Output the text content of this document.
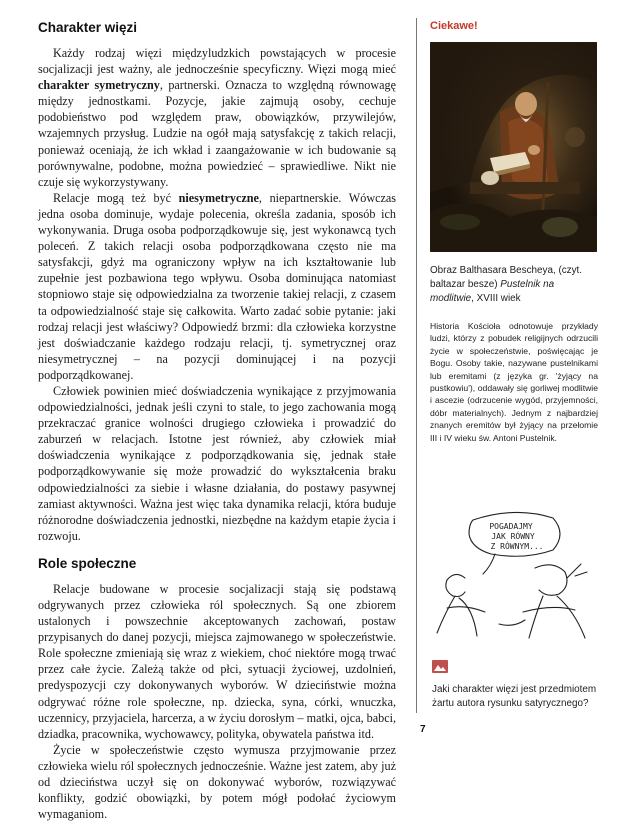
Charakter więzi

Każdy rodzaj więzi międzyludzkich powstających w procesie socjalizacji jest ważny, ale jednocześnie specyficzny. Więzi mogą mieć charakter symetryczny, partnerski. Oznacza to względną równowagę między jednostkami. Pozycje, jakie zajmują osoby, cechuje podobieństwo pod względem praw, obowiązków, przywilejów, wzajemnych przysług. Ludzie na ogół mają satysfakcję z takich relacji, ponieważ oceniają, że ich wkład i zaangażowanie w ich budowanie są porównywalne, podobne, można powiedzieć – sprawiedliwe. Nikt nie czuje się wykorzystywany.

Relacje mogą też być niesymetryczne, niepartnerskie. Wówczas jedna osoba dominuje, wydaje polecenia, określa zadania, sposób ich wykonywania. Druga osoba podporządkowuje się, jest wykonawcą tych poleceń. Z takich relacji osoba podporządkowana często nie ma satysfakcji, gdyż ma ograniczony wpływ na ich kształtowanie lub zupełnie jest pozbawiona tego wpływu. Osoba dominująca natomiast stopniowo staje się odpowiedzialna za tworzenie takiej relacji, z czasem ta odpowiedzialność staje się całkowita. Warto zadać sobie pytanie: jaki rodzaj relacji jest właściwy? Odpowiedź brzmi: dla człowieka korzystne jest doświadczanie każdego rodzaju relacji, tj. symetrycznej oraz niesymetrycznej – na pozycji dominującej i na pozycji podporządkowanej.

Człowiek powinien mieć doświadczenia wynikające z przyjmowania odpowiedzialności, jednak jeśli czyni to stale, to jego zachowania mogą przekraczać granice wolności drugiego człowieka i prowadzić do zaburzeń w relacjach. Istotne jest również, aby człowiek miał doświadczenia wynikające z podporządkowania się, jednak stałe podporządkowywanie się może prowadzić do wykształcenia braku odpowiedzialności za siebie i własne działania, do postawy pasywnej zamiast aktywności. Ważna jest więc taka dynamika relacji, która buduje różnorodne doświadczenia jednostki, niezbędne na każdym etapie życia i rozwoju.

Role społeczne

Relacje budowane w procesie socjalizacji stają się podstawą odgrywanych przez człowieka ról społecznych. Są one zbiorem ustalonych i powszechnie akceptowanych zachowań, postaw przypisanych do danej pozycji, miejsca zajmowanego w społeczeństwie. Role społeczne zmieniają się wraz z wiekiem, choć niektóre mogą trwać przez całe życie. Zależą także od płci, sytuacji życiowej, uzdolnień, predyspozycji czy dokonywanych wyborów. W dzieciństwie można odgrywać różne role społeczne, np. dziecka, syna, córki, wnuczka, uczennicy, przyjaciela, harcerza, a w życiu dorosłym – matki, ojca, babci, dziadka, pracownika, wychowawcy, polityka, obywatela państwa itd.

Życie w społeczeństwie często wymusza przyjmowanie przez człowieka wielu ról społecznych jednocześnie. Ważne jest zatem, aby już od dzieciństwa uczył się on dokonywać wyborów, rozwiązywać konflikty, godzić obowiązki, by potem mógł podołać życiowym wymaganiom.

Ciekawe!
Obraz Balthasara Bescheya, (czyt. baltazar besze) Pustelnik na modlitwie, XVIII wiek
Historia Kościoła odnotowuje przykłady ludzi, którzy z pobudek religijnych odrzucili życie w społeczeństwie, poświęcając je Bogu. Osoby takie, nazywane pustelnikami lub eremitami (z języka gr. 'żyjący na pustkowiu'), oddawały się gorliwej modlitwie i ascezie (odrzucenie wygód, przyjemności, dóbr materialnych). Jednym z najbardziej znanych eremitów był żyjący na przełomie III i IV wieku św. Antoni Pustelnik.
POGADAJMY
JAK RÓWNY
Z RÓWNYM...
Jaki charakter więzi jest przedmiotem żartu autora rysunku satyrycznego?
7
